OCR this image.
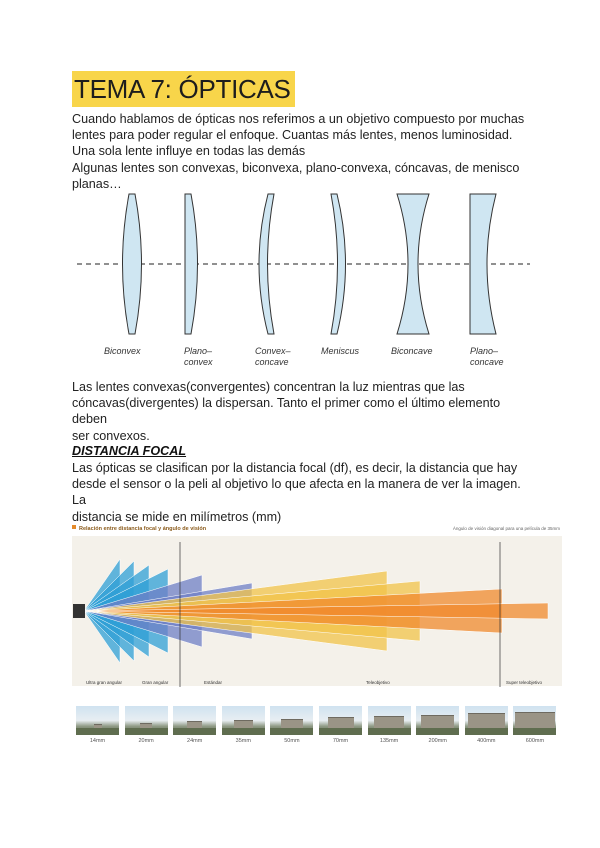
TEMA 7: ÓPTICAS
Cuando hablamos de ópticas nos referimos a un objetivo compuesto por muchas
lentes para poder regular el enfoque. Cuantas más lentes, menos luminosidad.
Una sola lente influye en todas las demás
Algunas lentes son convexas, biconvexa, plano-convexa, cóncavas, de menisco
planas…
Biconvex	Plano– convex
Convex– concave
Meniscus	Biconcave	Plano– concave
Las lentes convexas(convergentes) concentran la luz mientras que las
cóncavas(divergentes) la dispersan. Tanto el primer como el último elemento deben
ser convexos.
DISTANCIA FOCAL
Las ópticas se clasifican por la distancia focal (df), es decir, la distancia que hay
desde el sensor o la peli al objetivo lo que afecta en la manera de ver la imagen. La
distancia se mide en milímetros (mm)
Relación entre distancia focal y ángulo de visión	Ángulo de visión diagonal para una película de 35mm
Ultra gran angular	Gran angular	Estándar	Teleobjetivo	Super teleobjetivo
14mm	20mm	24mm	35mm	50mm	70mm	135mm	200mm	400mm	600mm
